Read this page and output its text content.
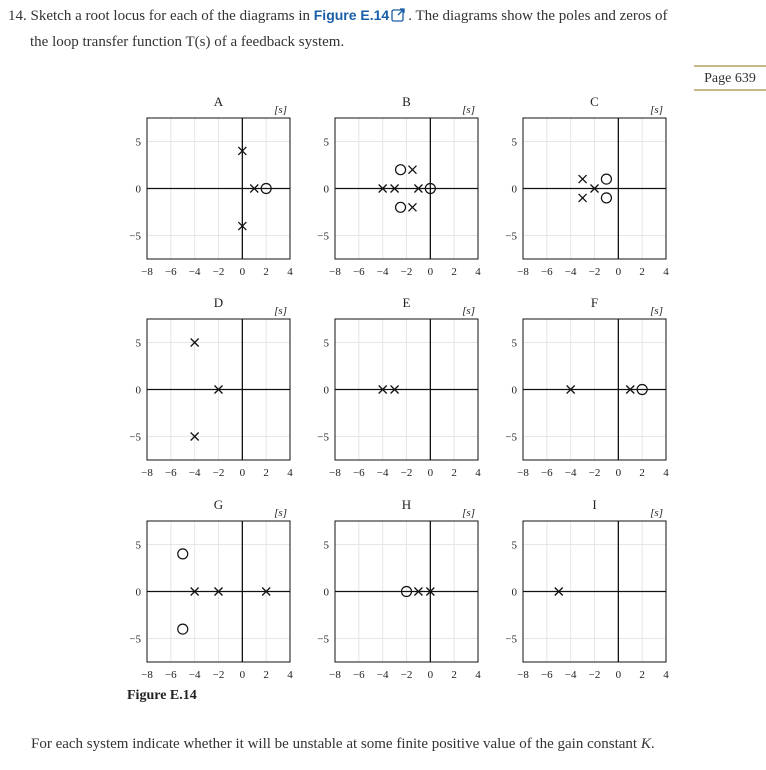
14. Sketch a root locus for each of the diagrams in Figure E.14 . The diagrams show the poles and zeros of
the loop transfer function T(s) of a feedback system.
Page 639
A
[s]
−8 −6 −4 −2 0 2 4
5
0
−5
B
[s]
−8 −6 −4 −2 0 2 4
5
0
−5
C
[s]
−8 −6 −4 −2 0 2 4
5
0
−5
D
[s]
−8 −6 −4 −2 0 2 4
5
0
−5
E
[s]
−8 −6 −4 −2 0 2 4
5
0
−5
F
[s]
−8 −6 −4 −2 0 2 4
5
0
−5
G
[s]
−8 −6 −4 −2 0 2 4
5
0
−5
H
[s]
−8 −6 −4 −2 0 2 4
5
0
−5
I
[s]
−8 −6 −4 −2 0 2 4
5
0
−5
Figure E.14
For each system indicate whether it will be unstable at some finite positive value of the gain constant K.
